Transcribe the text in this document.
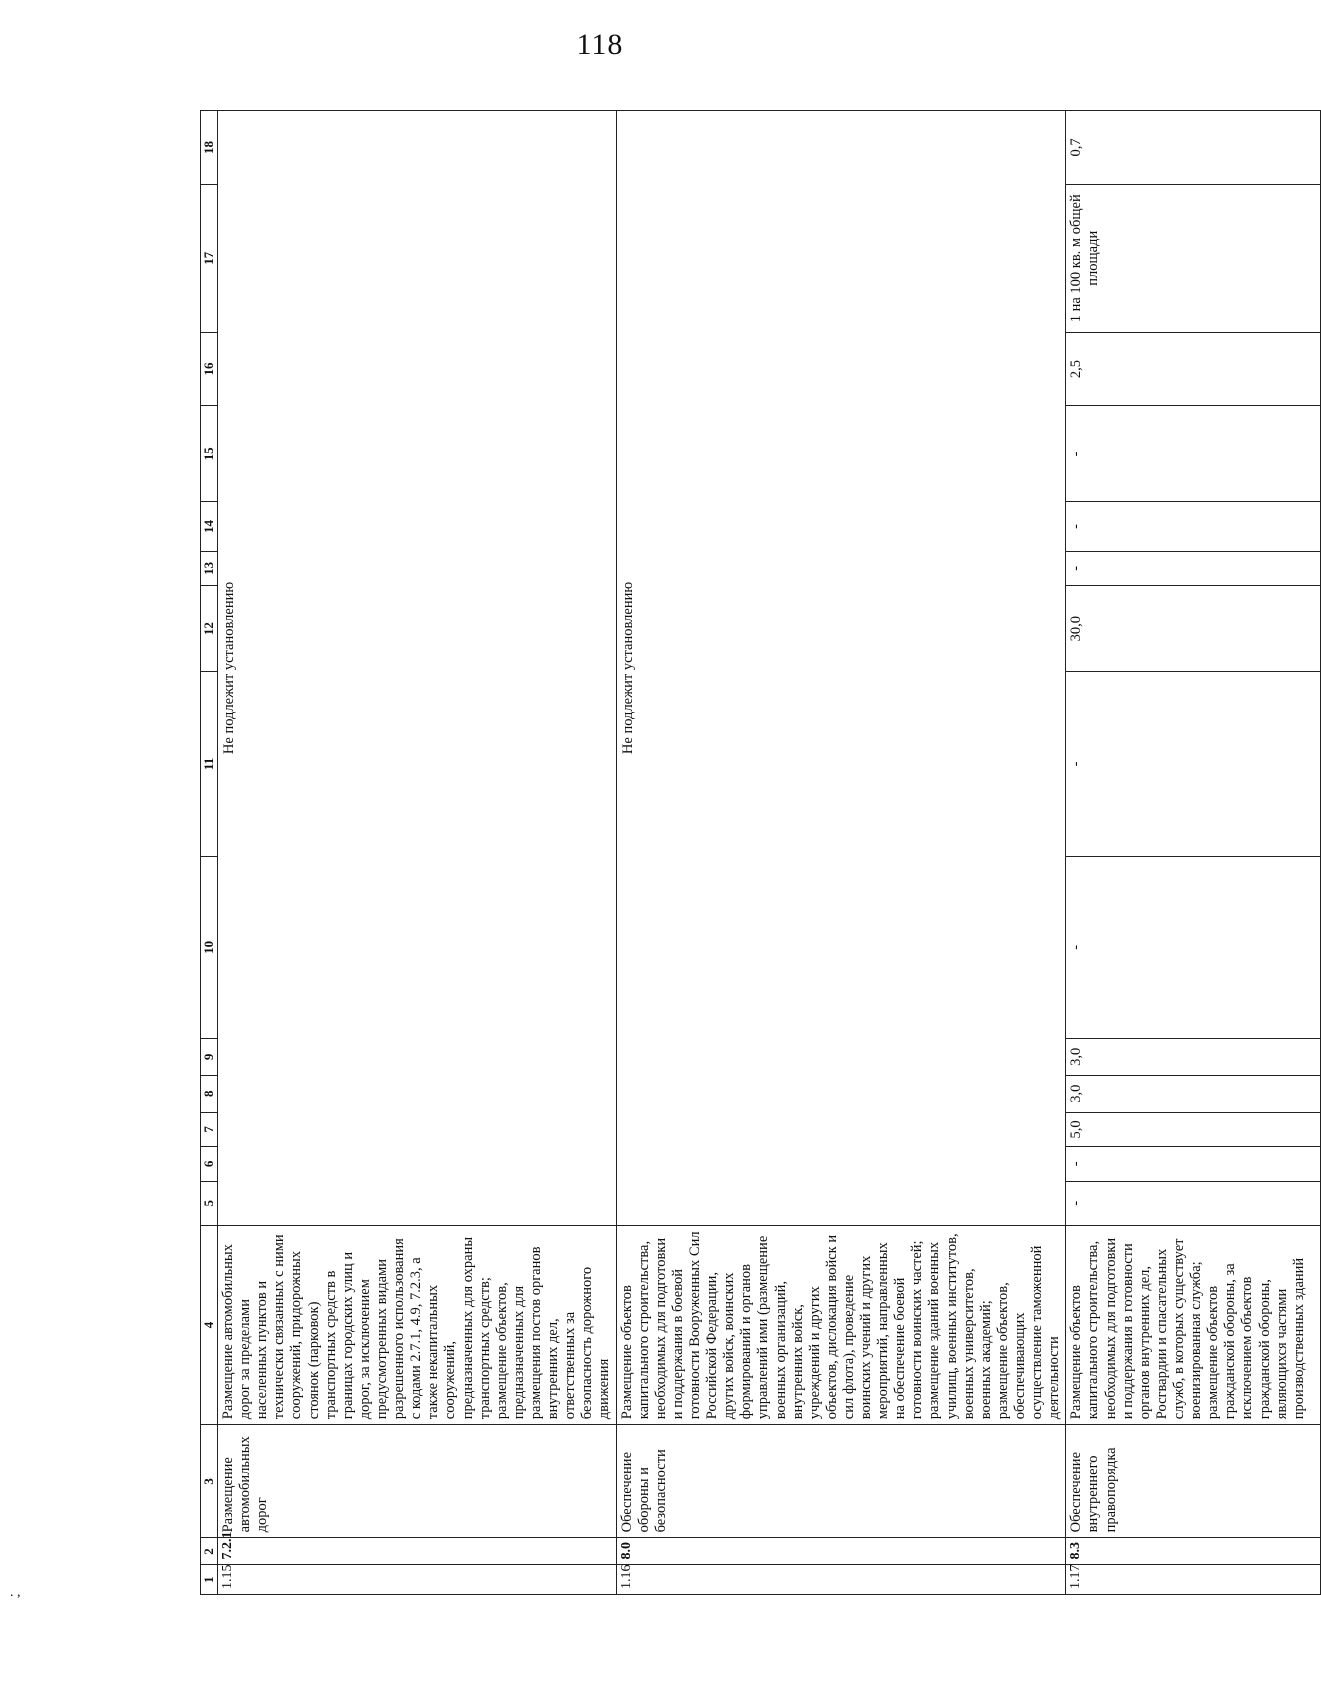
118
. ,
1	2	3	4	5	6	7	8	9	10	11	12	13	14	15	16	17	18
1.15	7.2.1	Размещение автомобильных дорог	Размещение автомобильных дорог за пределами населенных пунктов и технически связанных с ними сооружений, придорожных стоянок (парковок) транспортных средств в границах городских улиц и дорог, за исключением предусмотренных видами разрешенного использования с кодами 2.7.1, 4.9, 7.2.3, а также некапитальных сооружений, предназначенных для охраны транспортных средств; размещение объектов, предназначенных для размещения постов органов внутренних дел, ответственных за безопасность дорожного движения	Не подлежит установлению													
1.16	8.0	Обеспечение обороны и безопасности	Размещение объектов капитального строительства, необходимых для подготовки и поддержания в боевой готовности Вооруженных Сил Российской Федерации, других войск, воинских формирований и органов управлений ими (размещение военных организаций, внутренних войск, учреждений и других объектов, дислокация войск и сил флота), проведение воинских учений и других мероприятий, направленных на обеспечение боевой готовности воинских частей; размещение зданий военных училищ, военных институтов, военных университетов, военных академий; размещение объектов, обеспечивающих осуществление таможенной деятельности	Не подлежит установлению													
1.17	8.3	Обеспечение внутреннего правопорядка	Размещение объектов капитального строительства, необходимых для подготовки и поддержания в готовности органов внутренних дел, Росгвардии и спасательных служб, в которых существует военизированная служба; размещение объектов гражданской обороны, за исключением объектов гражданской обороны, являющихся частями производственных зданий	-	-	5,0	3,0	3,0	-	-	30,0	-	-	-	2,5	1 на 100 кв. м общей площади	0,7
